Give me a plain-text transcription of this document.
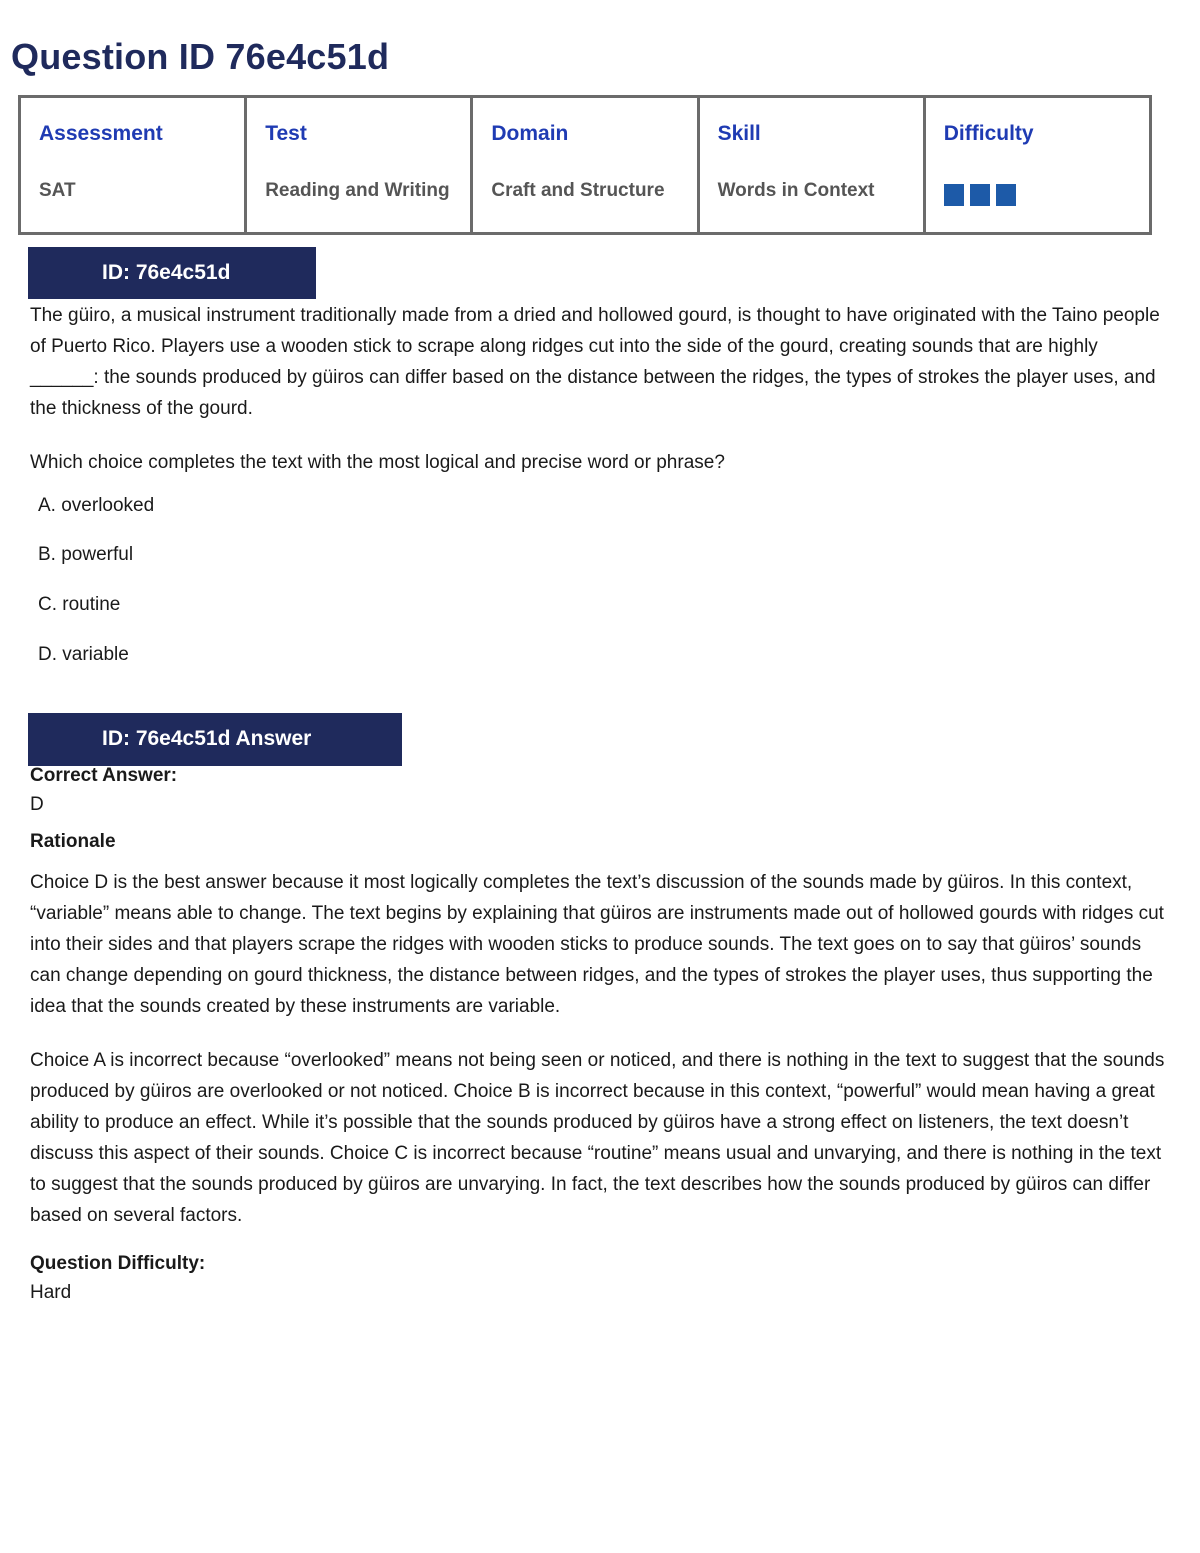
Question ID 76e4c51d
Assessment
SAT

Test
Reading and Writing

Domain
Craft and Structure

Skill
Words in Context

Difficulty
ID: 76e4c51d
The güiro, a musical instrument traditionally made from a dried and hollowed gourd, is thought to have originated with the Taino people of Puerto Rico. Players use a wooden stick to scrape along ridges cut into the side of the gourd, creating sounds that are highly ______: the sounds produced by güiros can differ based on the distance between the ridges, the types of strokes the player uses, and the thickness of the gourd.
Which choice completes the text with the most logical and precise word or phrase?
A. overlooked
B. powerful
C. routine
D. variable
ID: 76e4c51d Answer
Correct Answer:
D
Rationale
Choice D is the best answer because it most logically completes the text’s discussion of the sounds made by güiros. In this context, “variable” means able to change. The text begins by explaining that güiros are instruments made out of hollowed gourds with ridges cut into their sides and that players scrape the ridges with wooden sticks to produce sounds. The text goes on to say that güiros’ sounds can change depending on gourd thickness, the distance between ridges, and the types of strokes the player uses, thus supporting the idea that the sounds created by these instruments are variable.
Choice A is incorrect because “overlooked” means not being seen or noticed, and there is nothing in the text to suggest that the sounds produced by güiros are overlooked or not noticed. Choice B is incorrect because in this context, “powerful” would mean having a great ability to produce an effect. While it’s possible that the sounds produced by güiros have a strong effect on listeners, the text doesn’t discuss this aspect of their sounds. Choice C is incorrect because “routine” means usual and unvarying, and there is nothing in the text to suggest that the sounds produced by güiros are unvarying. In fact, the text describes how the sounds produced by güiros can differ based on several factors.
Question Difficulty:
Hard
